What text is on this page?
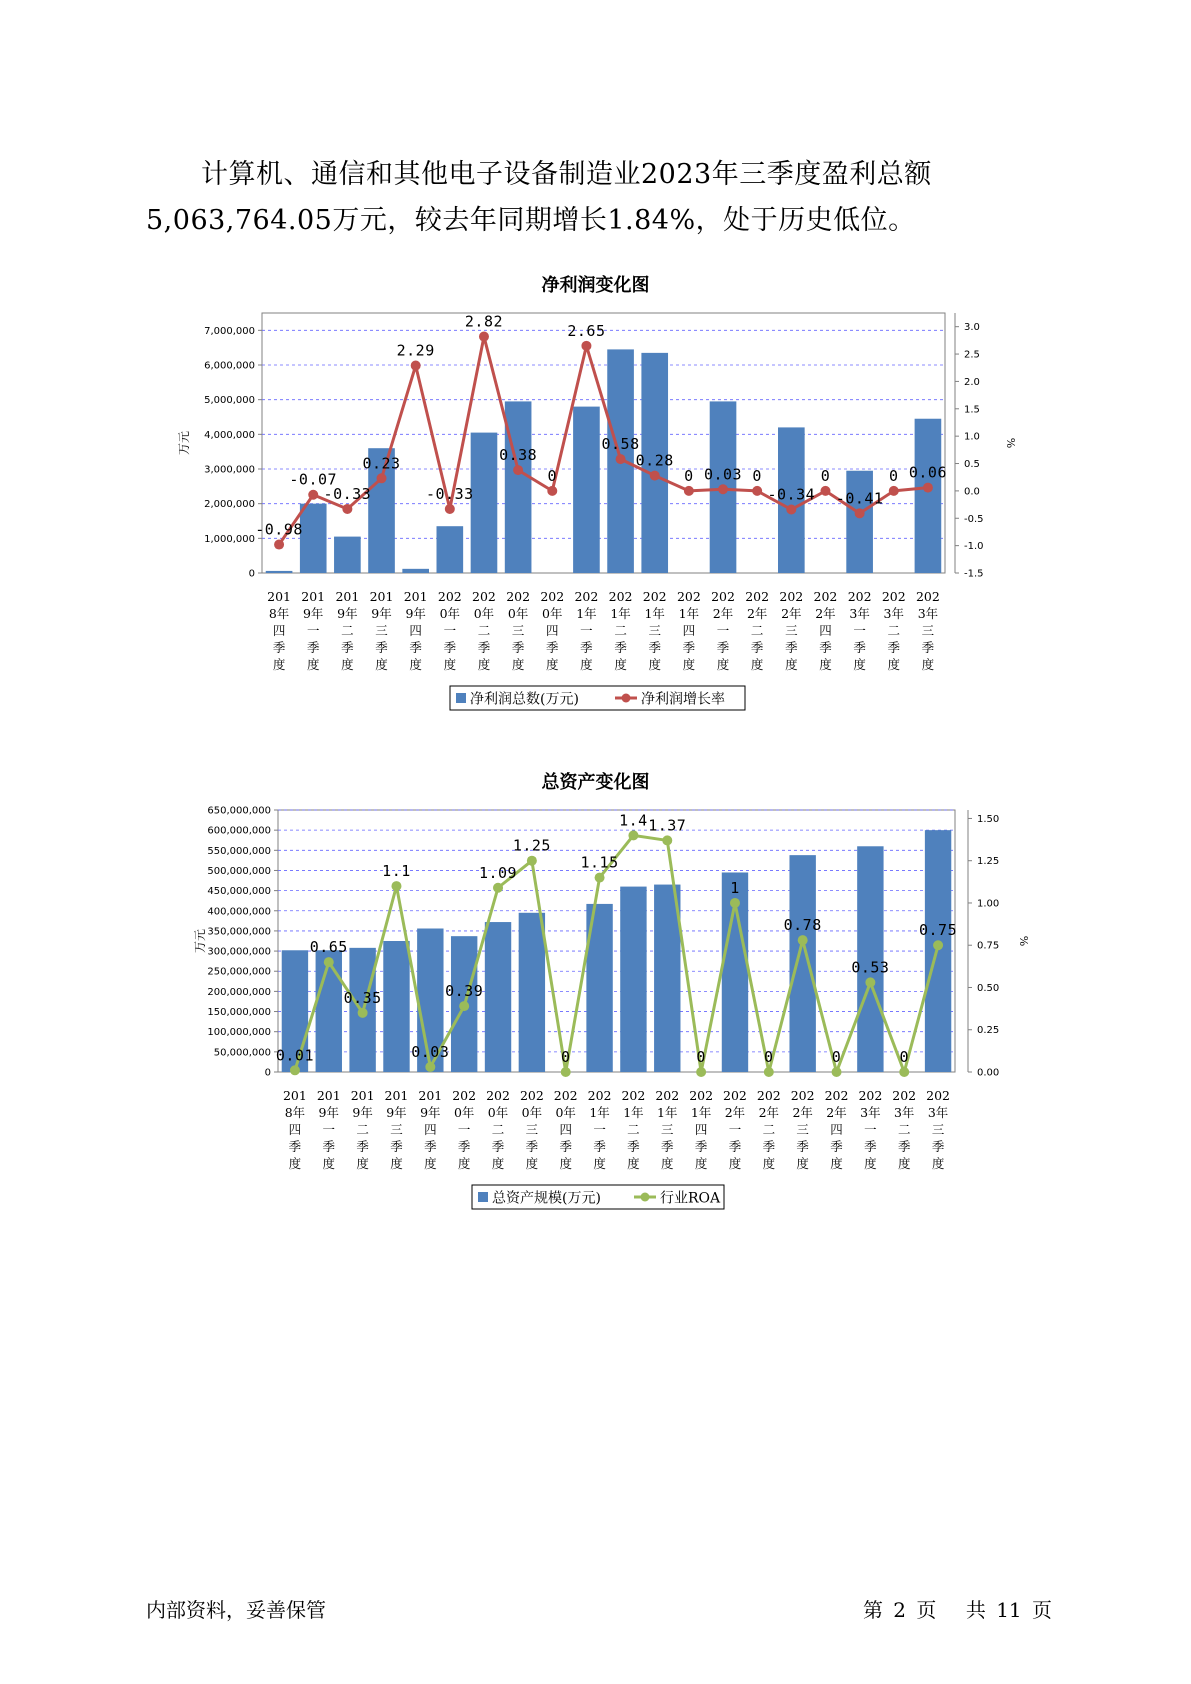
计算机、通信和其他电子设备制造业2023年三季度盈利总额
5,063,764.05万元，较去年同期增长1.84%，处于历史低位。
净利润变化图
0
1,000,000
2,000,000
3,000,000
4,000,000
5,000,000
6,000,000
7,000,000
-1.5
-1.0
-0.5
0.0
0.5
1.0
1.5
2.0
2.5
3.0
万元	%
-0.98
-0.07
-0.33
0.23
2.29
-0.33
2.82
0.38
0
2.65
0.58
0.28
0 0.03 0
-0.34
0
-0.41
0 0.06
201 8年四季度
201 9年一季度
201 9年二季度
201 9年三季度
201 9年四季度
202 0年一季度
202 0年二季度
202 0年三季度
202 0年四季度
202 1年一季度
202 1年二季度
202 1年三季度
202 1年四季度
202 2年一季度
202 2年二季度
202 2年三季度
202 2年四季度
202 3年一季度
202 3年二季度
202 3年三季度
净利润总数(万元)	净利润增长率
总资产变化图
0
50,000,000
100,000,000
150,000,000
200,000,000
250,000,000
300,000,000
350,000,000
400,000,000
450,000,000
500,000,000
550,000,000
600,000,000
650,000,000
0.00
0.25
0.50
0.75
1.00
1.25
1.50
万元	%
0.01
0.65
0.35
1.1
0.03
0.39
1.09
1.25
0
1.15
1.4 1.37
0
1
0
0.78
0
0.53
0
0.75
201 8年四季度
201 9年一季度
201 9年二季度
201 9年三季度
201 9年四季度
202 0年一季度
202 0年二季度
202 0年三季度
202 0年四季度
202 1年一季度
202 1年二季度
202 1年三季度
202 1年四季度
202 2年一季度
202 2年二季度
202 2年三季度
202 2年四季度
202 3年一季度
202 3年二季度
202 3年三季度
总资产规模(万元)	行业ROA
内部资料，妥善保管	第 2 页 共 11 页
